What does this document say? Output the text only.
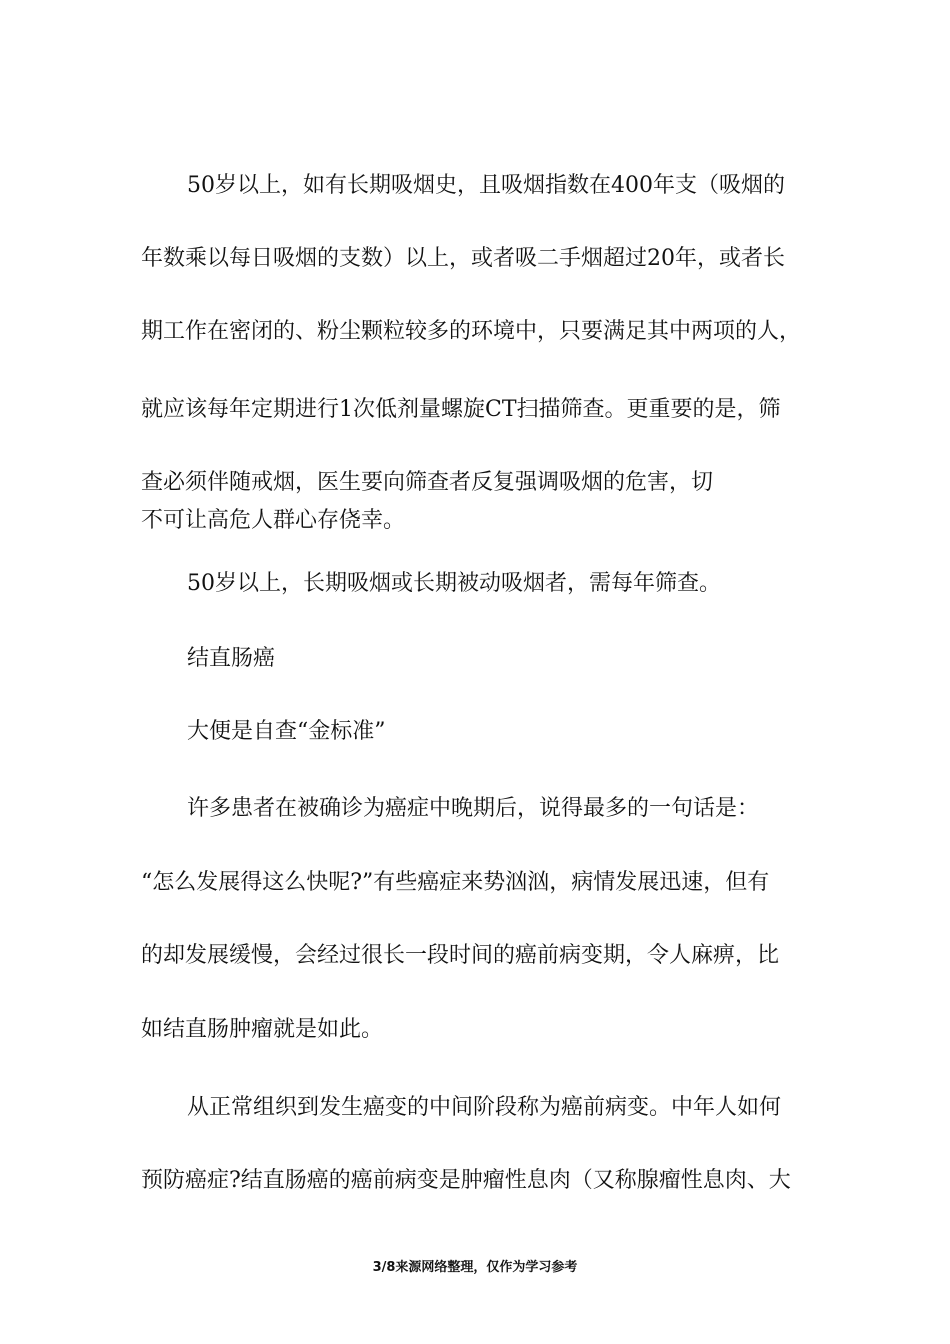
50岁以上，如有长期吸烟史，且吸烟指数在400年支（吸烟的

年数乘以每日吸烟的支数）以上，或者吸二手烟超过20年，或者长

期工作在密闭的、粉尘颗粒较多的环境中，只要满足其中两项的人，

就应该每年定期进行1次低剂量螺旋CT扫描筛查。更重要的是，筛

查必须伴随戒烟，医生要向筛查者反复强调吸烟的危害，切

不可让高危人群心存侥幸。

50岁以上，长期吸烟或长期被动吸烟者，需每年筛查。

结直肠癌

大便是自查“金标准”

许多患者在被确诊为癌症中晚期后，说得最多的一句话是：

“怎么发展得这么快呢?”有些癌症来势汹汹，病情发展迅速，但有

的却发展缓慢，会经过很长一段时间的癌前病变期，令人麻痹，比

如结直肠肿瘤就是如此。

从正常组织到发生癌变的中间阶段称为癌前病变。中年人如何

预防癌症?结直肠癌的癌前病变是肿瘤性息肉（又称腺瘤性息肉、大

3/8来源网络整理，仅作为学习参考
